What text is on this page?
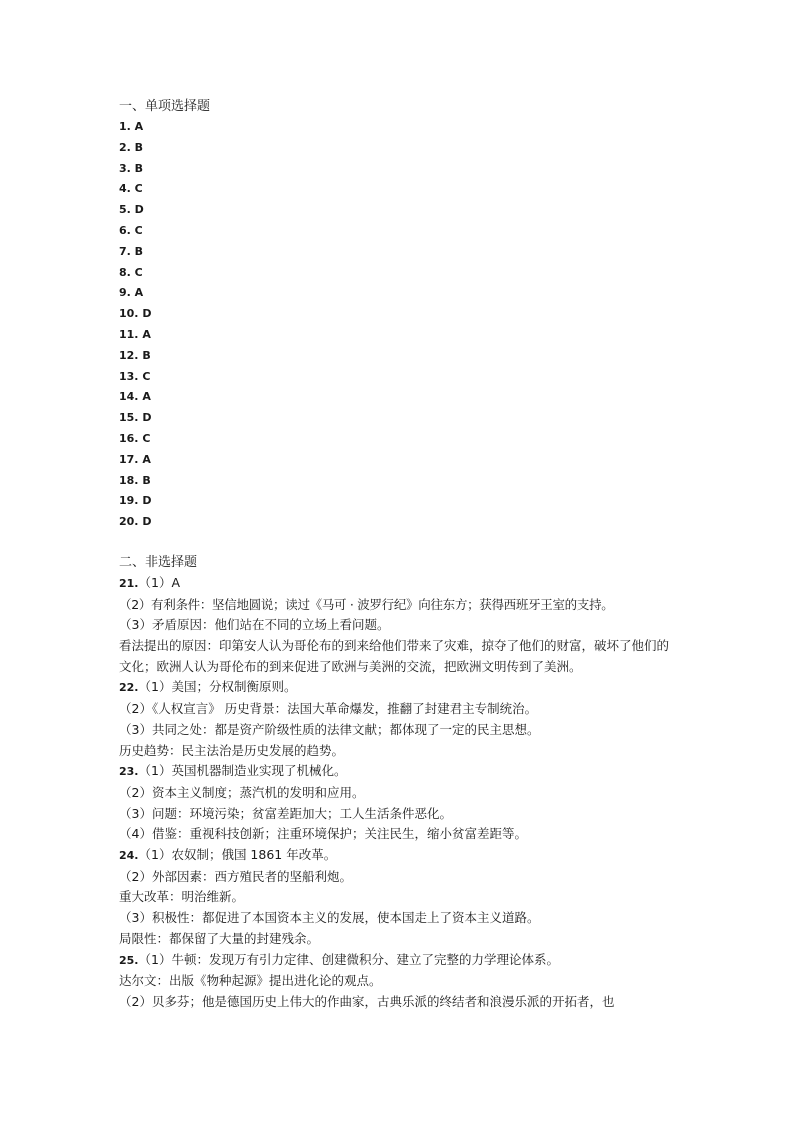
一、单项选择题
1. A
2. B
3. B
4. C
5. D
6. C
7. B
8. C
9. A
10. D
11. A
12. B
13. C
14. A
15. D
16. C
17. A
18. B
19. D
20. D
二、非选择题

21.（1）A

（2）有利条件：坚信地圆说；读过《马可 · 波罗行纪》向往东方；获得西班牙王室的支持。

（3）矛盾原因：他们站在不同的立场上看问题。

看法提出的原因：印第安人认为哥伦布的到来给他们带来了灾难，掠夺了他们的财富，破坏了他们的文化；欧洲人认为哥伦布的到来促进了欧洲与美洲的交流，把欧洲文明传到了美洲。

22.（1）美国；分权制衡原则。

（2）《人权宣言》 历史背景：法国大革命爆发，推翻了封建君主专制统治。

（3）共同之处：都是资产阶级性质的法律文献；都体现了一定的民主思想。

历史趋势：民主法治是历史发展的趋势。

23.（1）英国机器制造业实现了机械化。

（2）资本主义制度；蒸汽机的发明和应用。

（3）问题：环境污染；贫富差距加大；工人生活条件恶化。

（4）借鉴：重视科技创新；注重环境保护；关注民生，缩小贫富差距等。

24.（1）农奴制；俄国 1861 年改革。

（2）外部因素：西方殖民者的坚船利炮。

重大改革：明治维新。

（3）积极性：都促进了本国资本主义的发展，使本国走上了资本主义道路。

局限性：都保留了大量的封建残余。

25.（1）牛顿：发现万有引力定律、创建微积分、建立了完整的力学理论体系。

达尔文：出版《物种起源》提出进化论的观点。

（2）贝多芬；他是德国历史上伟大的作曲家，古典乐派的终结者和浪漫乐派的开拓者，也
